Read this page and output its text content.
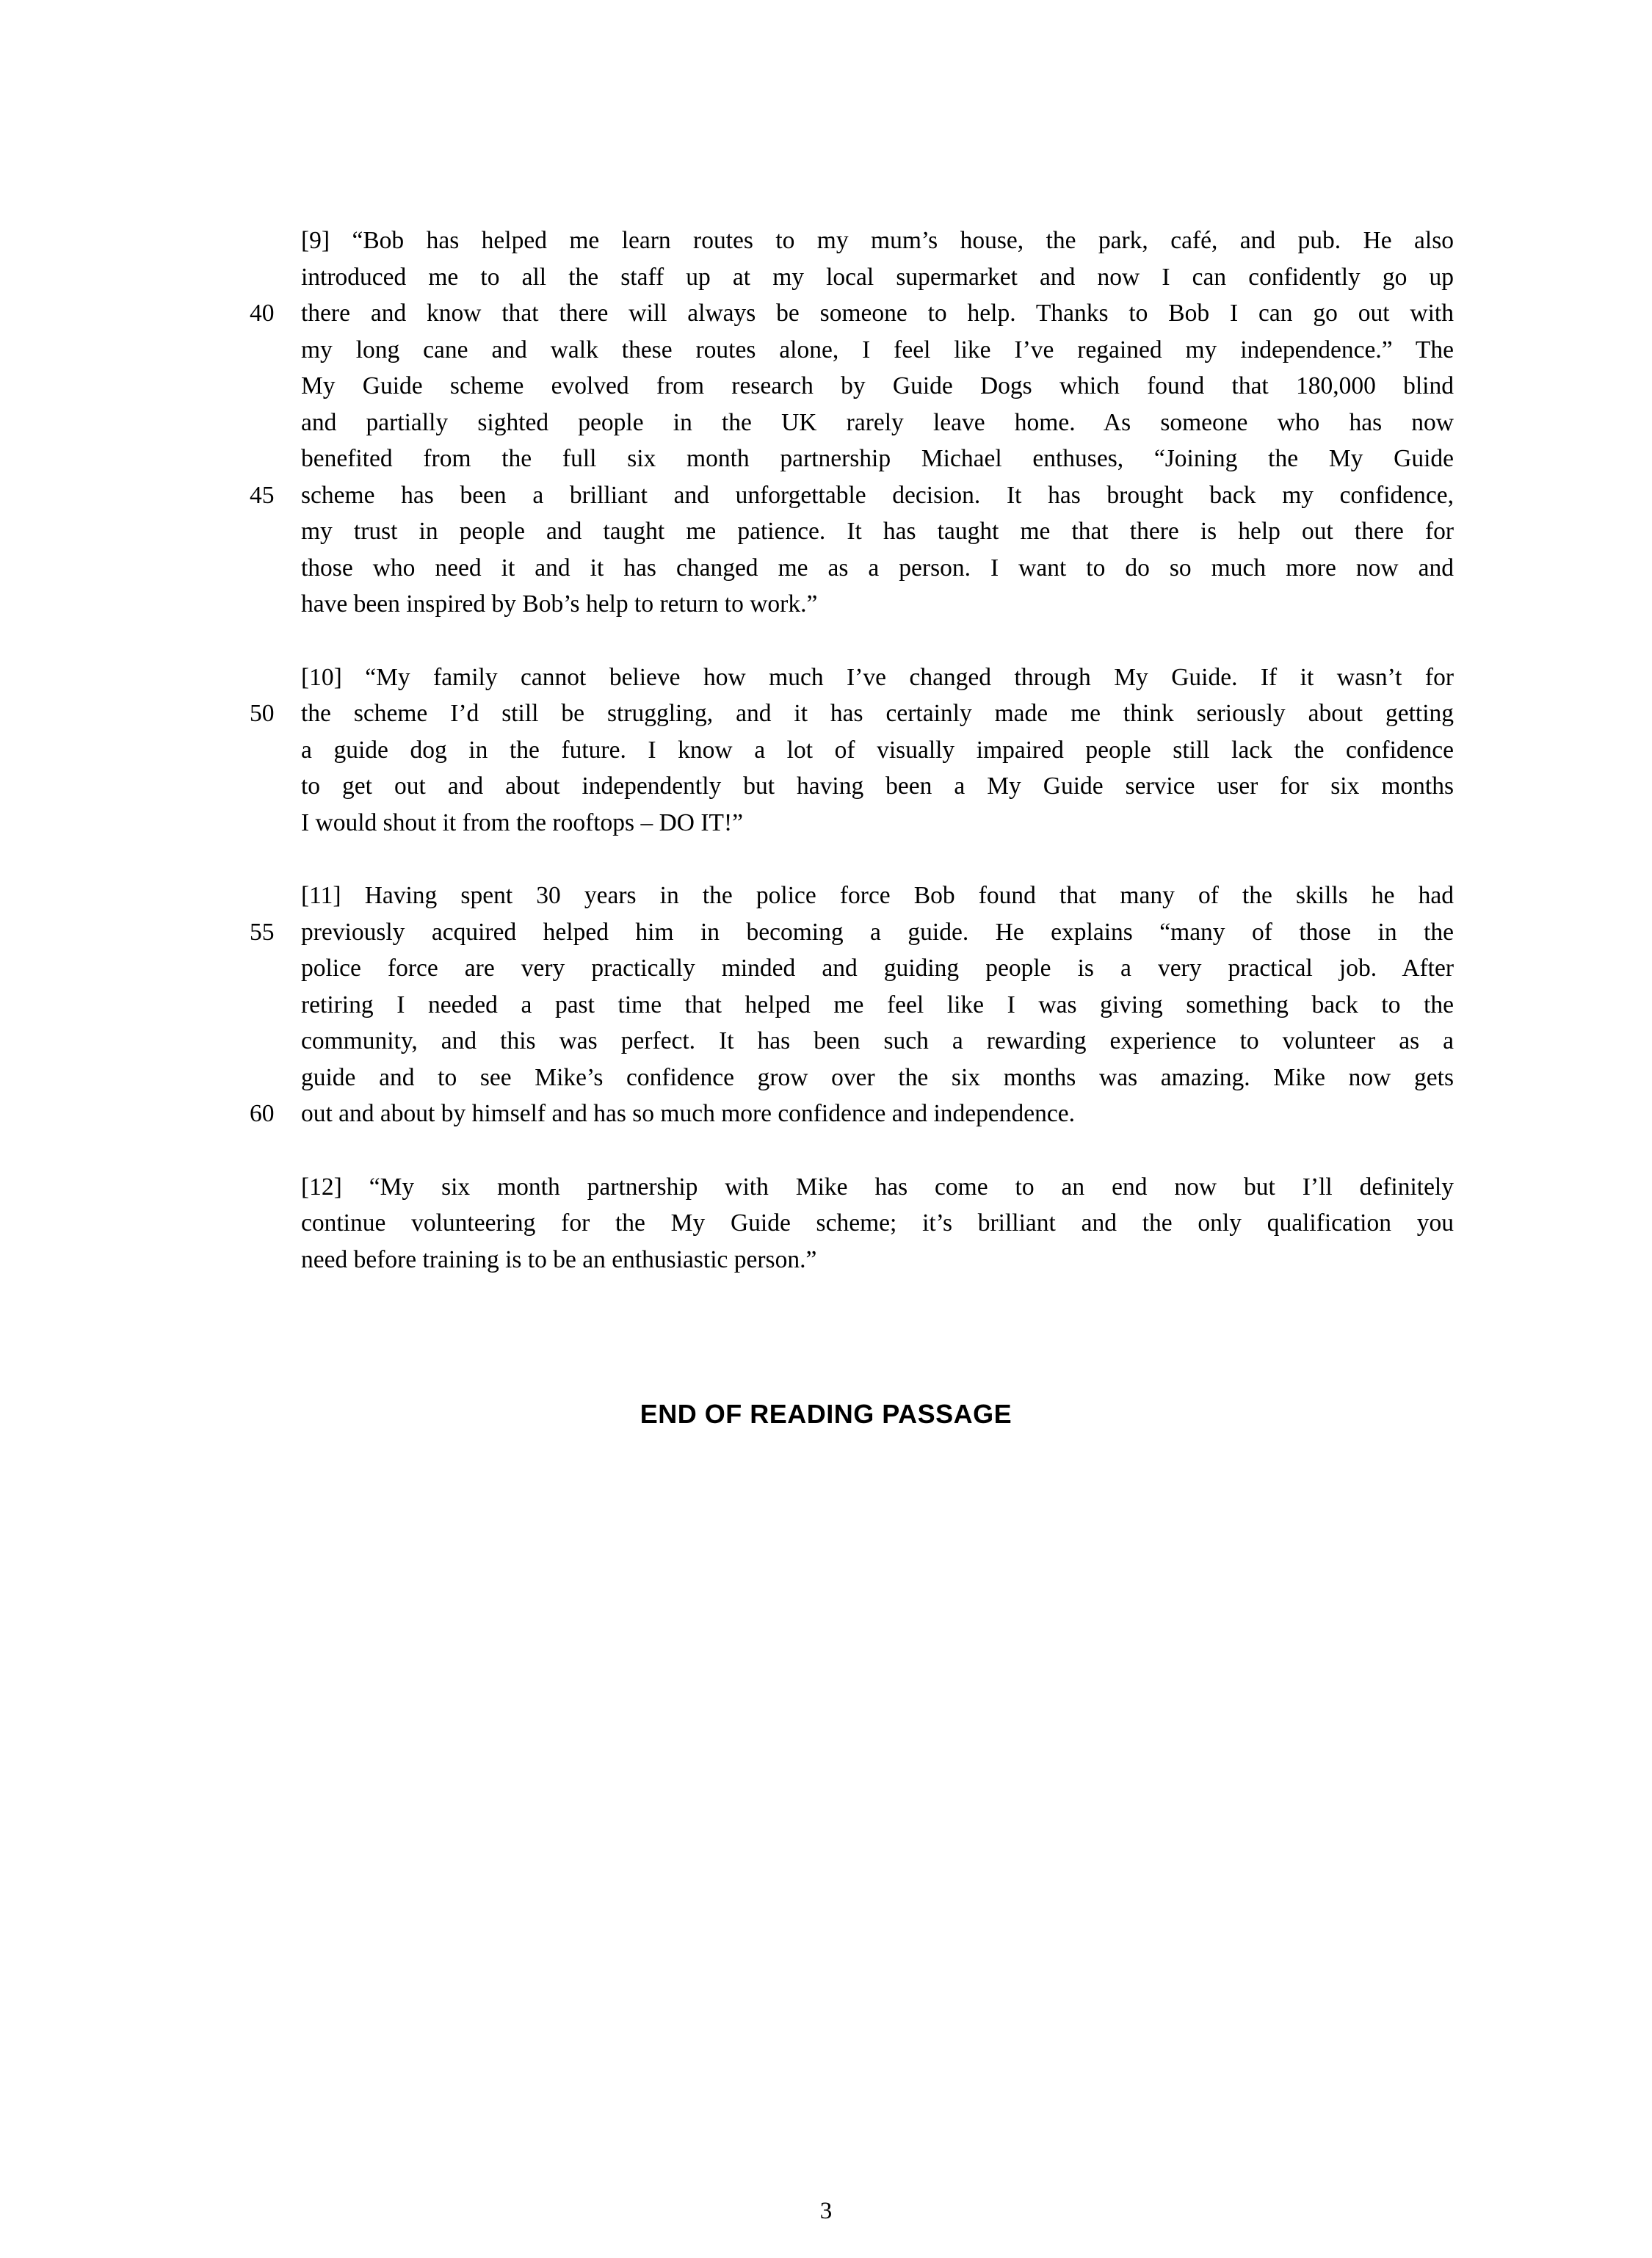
[9] “Bob has helped me learn routes to my mum’s house, the park, café, and pub. He also
introduced me to all the staff up at my local supermarket and now I can confidently go up
40	there and know that there will always be someone to help. Thanks to Bob I can go out with
my long cane and walk these routes alone, I feel like I’ve regained my independence.” The
My Guide scheme evolved from research by Guide Dogs which found that 180,000 blind
and partially sighted people in the UK rarely leave home. As someone who has now
benefited from the full six month partnership Michael enthuses, “Joining the My Guide
45	scheme has been a brilliant and unforgettable decision. It has brought back my confidence,
my trust in people and taught me patience. It has taught me that there is help out there for
those who need it and it has changed me as a person. I want to do so much more now and
have been inspired by Bob’s help to return to work.”
[10] “My family cannot believe how much I’ve changed through My Guide. If it wasn’t for
50	the scheme I’d still be struggling, and it has certainly made me think seriously about getting
a guide dog in the future. I know a lot of visually impaired people still lack the confidence
to get out and about independently but having been a My Guide service user for six months
I would shout it from the rooftops – DO IT!”
[11] Having spent 30 years in the police force Bob found that many of the skills he had
55	previously acquired helped him in becoming a guide. He explains “many of those in the
police force are very practically minded and guiding people is a very practical job. After
retiring I needed a past time that helped me feel like I was giving something back to the
community, and this was perfect. It has been such a rewarding experience to volunteer as a
guide and to see Mike’s confidence grow over the six months was amazing. Mike now gets
60	out and about by himself and has so much more confidence and independence.
[12] “My six month partnership with Mike has come to an end now but I’ll definitely
continue volunteering for the My Guide scheme; it’s brilliant and the only qualification you
need before training is to be an enthusiastic person.”
END OF READING PASSAGE
3
